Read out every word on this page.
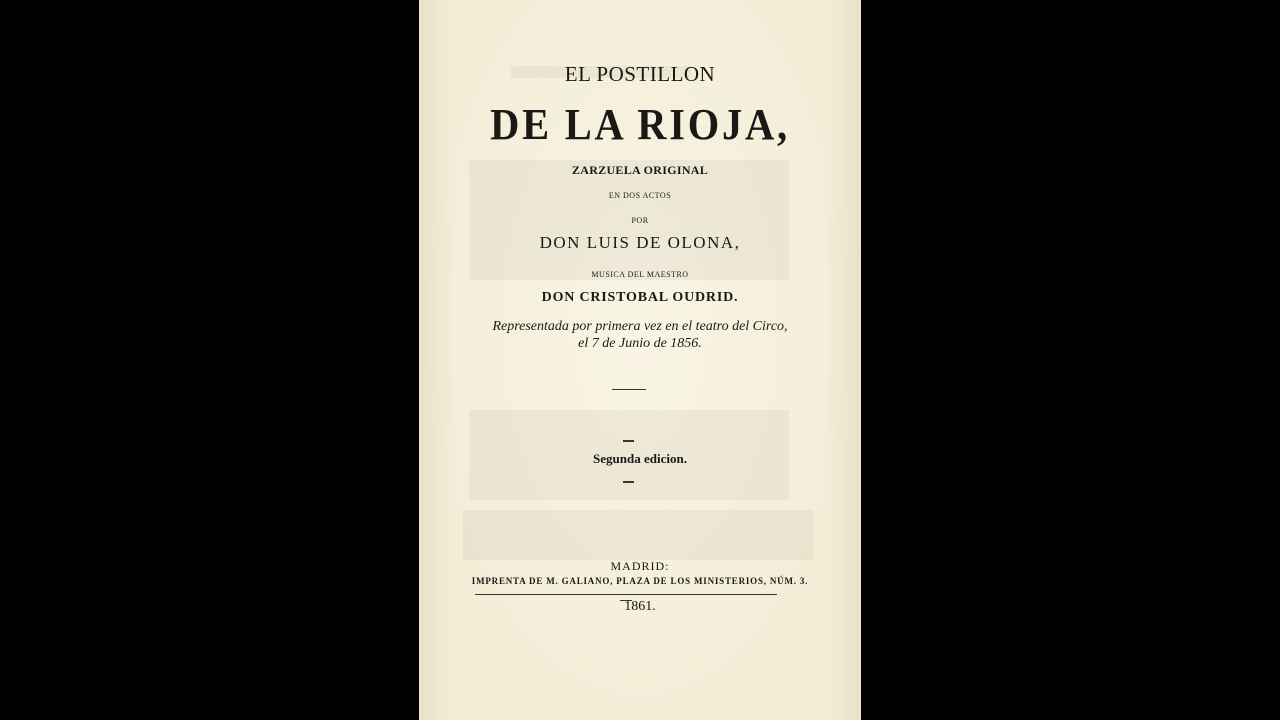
EL POSTILLON
DE LA RIOJA,
ZARZUELA ORIGINAL
EN DOS ACTOS
POR
DON LUIS DE OLONA,
MUSICA DEL MAESTRO
DON CRISTOBAL OUDRID.
Representada por primera vez en el teatro del Circo,
el 7 de Junio de 1856.
Segunda edicion.
MADRID:
IMPRENTA DE M. GALIANO, PLAZA DE LOS MINISTERIOS, NÚM. 3.
1861.
